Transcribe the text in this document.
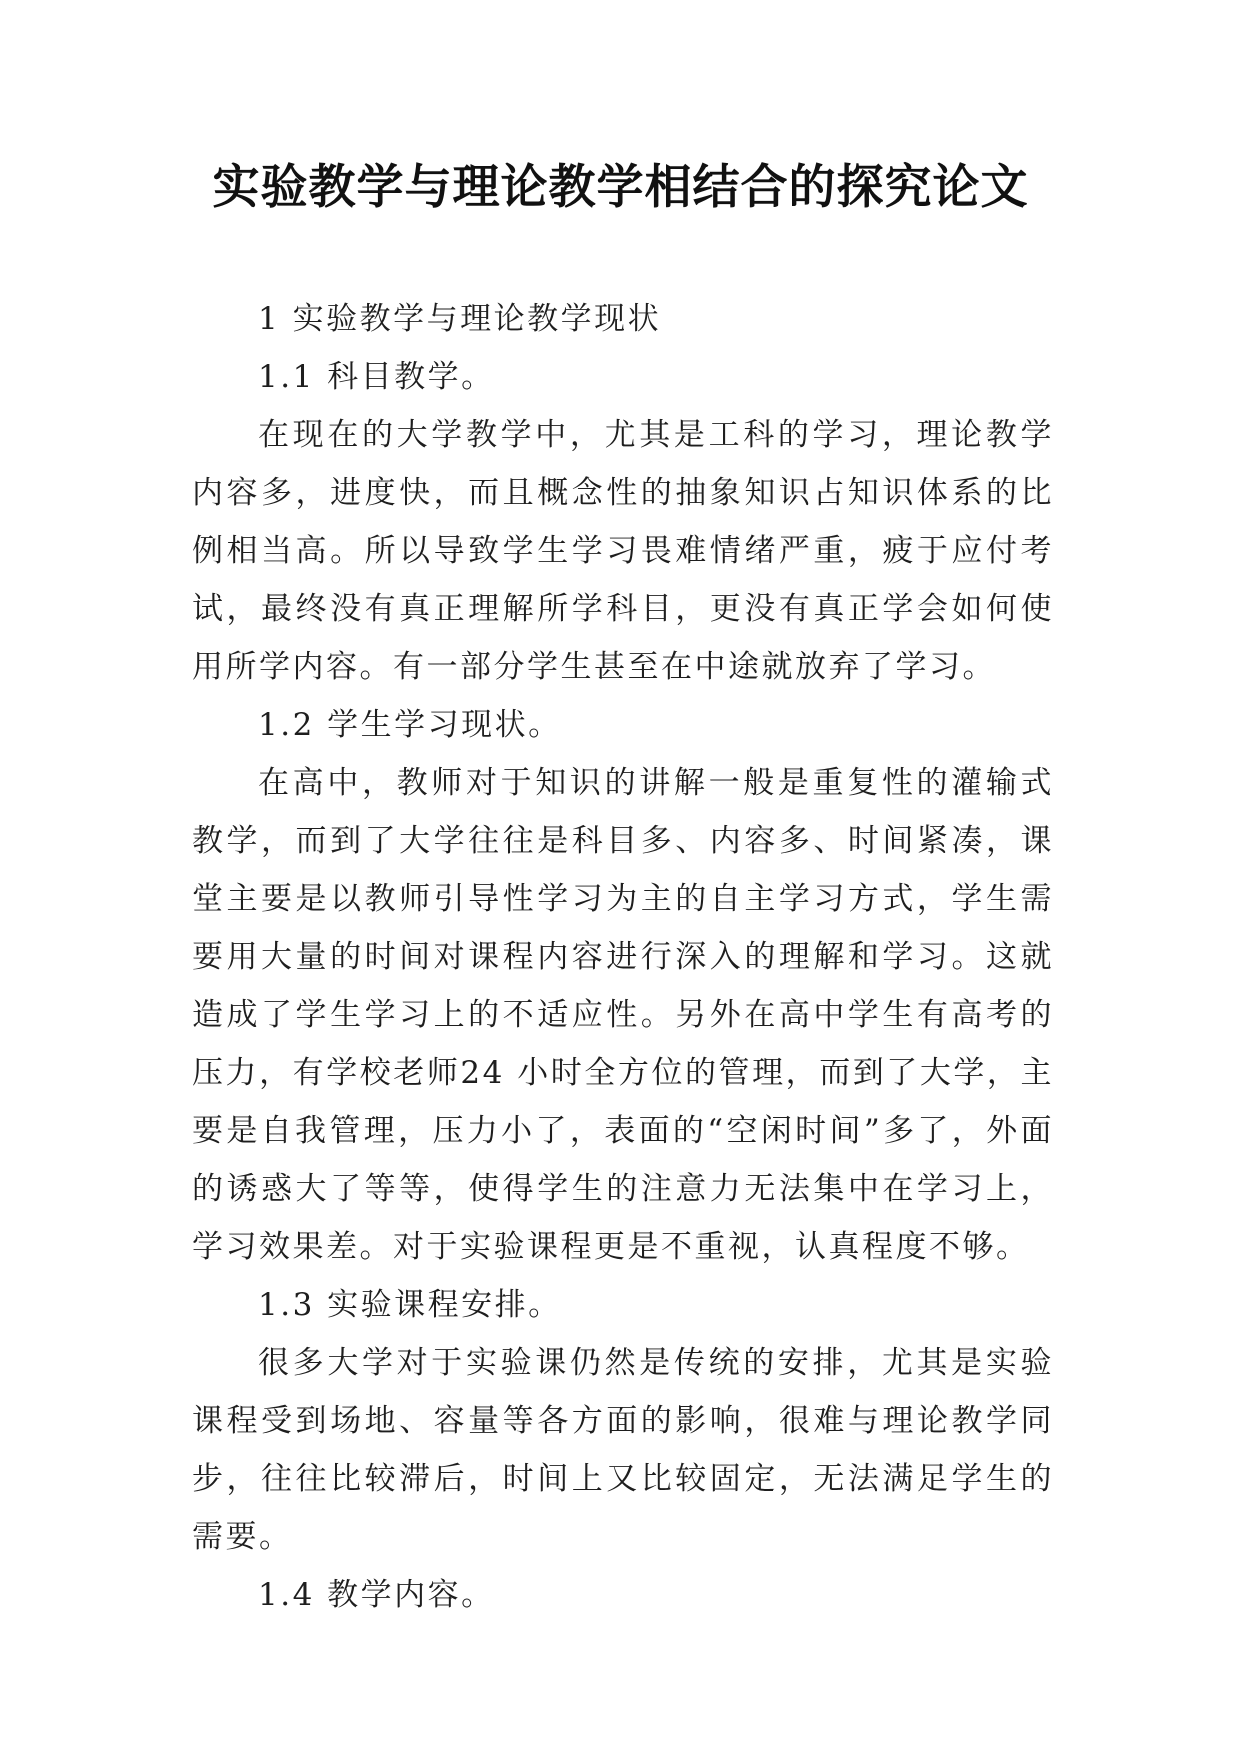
实验教学与理论教学相结合的探究论文

1 实验教学与理论教学现状

1.1 科目教学。

在现在的大学教学中，尤其是工科的学习，理论教学内容多，进度快，而且概念性的抽象知识占知识体系的比例相当高。所以导致学生学习畏难情绪严重，疲于应付考试，最终没有真正理解所学科目，更没有真正学会如何使用所学内容。有一部分学生甚至在中途就放弃了学习。

1.2 学生学习现状。

在高中，教师对于知识的讲解一般是重复性的灌输式教学，而到了大学往往是科目多、内容多、时间紧凑，课堂主要是以教师引导性学习为主的自主学习方式，学生需要用大量的时间对课程内容进行深入的理解和学习。这就造成了学生学习上的不适应性。另外在高中学生有高考的压力，有学校老师24 小时全方位的管理，而到了大学，主要是自我管理，压力小了，表面的“空闲时间”多了，外面的诱惑大了等等，使得学生的注意力无法集中在学习上，学习效果差。对于实验课程更是不重视，认真程度不够。

1.3 实验课程安排。

很多大学对于实验课仍然是传统的安排，尤其是实验课程受到场地、容量等各方面的影响，很难与理论教学同步，往往比较滞后，时间上又比较固定，无法满足学生的需要。

1.4 教学内容。
